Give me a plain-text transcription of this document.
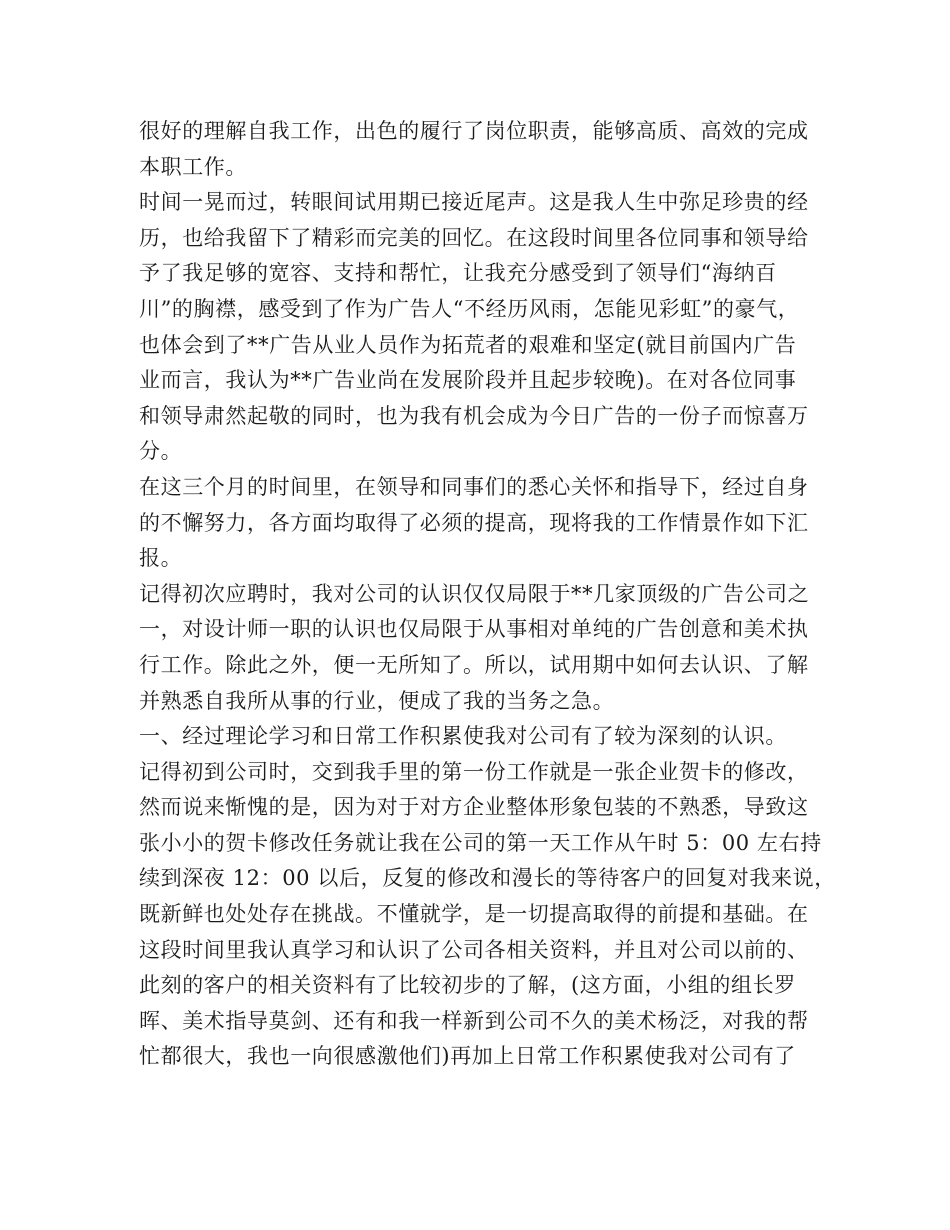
很好的理解自我工作，出色的履行了岗位职责，能够高质、高效的完成
本职工作。
时间一晃而过，转眼间试用期已接近尾声。这是我人生中弥足珍贵的经
历，也给我留下了精彩而完美的回忆。在这段时间里各位同事和领导给
予了我足够的宽容、支持和帮忙，让我充分感受到了领导们“海纳百
川”的胸襟，感受到了作为广告人“不经历风雨，怎能见彩虹”的豪气，
也体会到了**广告从业人员作为拓荒者的艰难和坚定(就目前国内广告
业而言，我认为**广告业尚在发展阶段并且起步较晚)。在对各位同事
和领导肃然起敬的同时，也为我有机会成为今日广告的一份子而惊喜万
分。
在这三个月的时间里，在领导和同事们的悉心关怀和指导下，经过自身
的不懈努力，各方面均取得了必须的提高，现将我的工作情景作如下汇
报。
记得初次应聘时，我对公司的认识仅仅局限于**几家顶级的广告公司之
一，对设计师一职的认识也仅局限于从事相对单纯的广告创意和美术执
行工作。除此之外，便一无所知了。所以，试用期中如何去认识、了解
并熟悉自我所从事的行业，便成了我的当务之急。
一、经过理论学习和日常工作积累使我对公司有了较为深刻的认识。
记得初到公司时，交到我手里的第一份工作就是一张企业贺卡的修改，
然而说来惭愧的是，因为对于对方企业整体形象包装的不熟悉，导致这
张小小的贺卡修改任务就让我在公司的第一天工作从午时 5：00 左右持
续到深夜 12：00 以后，反复的修改和漫长的等待客户的回复对我来说，
既新鲜也处处存在挑战。不懂就学，是一切提高取得的前提和基础。在
这段时间里我认真学习和认识了公司各相关资料，并且对公司以前的、
此刻的客户的相关资料有了比较初步的了解，(这方面，小组的组长罗
晖、美术指导莫剑、还有和我一样新到公司不久的美术杨泛，对我的帮
忙都很大，我也一向很感激他们)再加上日常工作积累使我对公司有了
